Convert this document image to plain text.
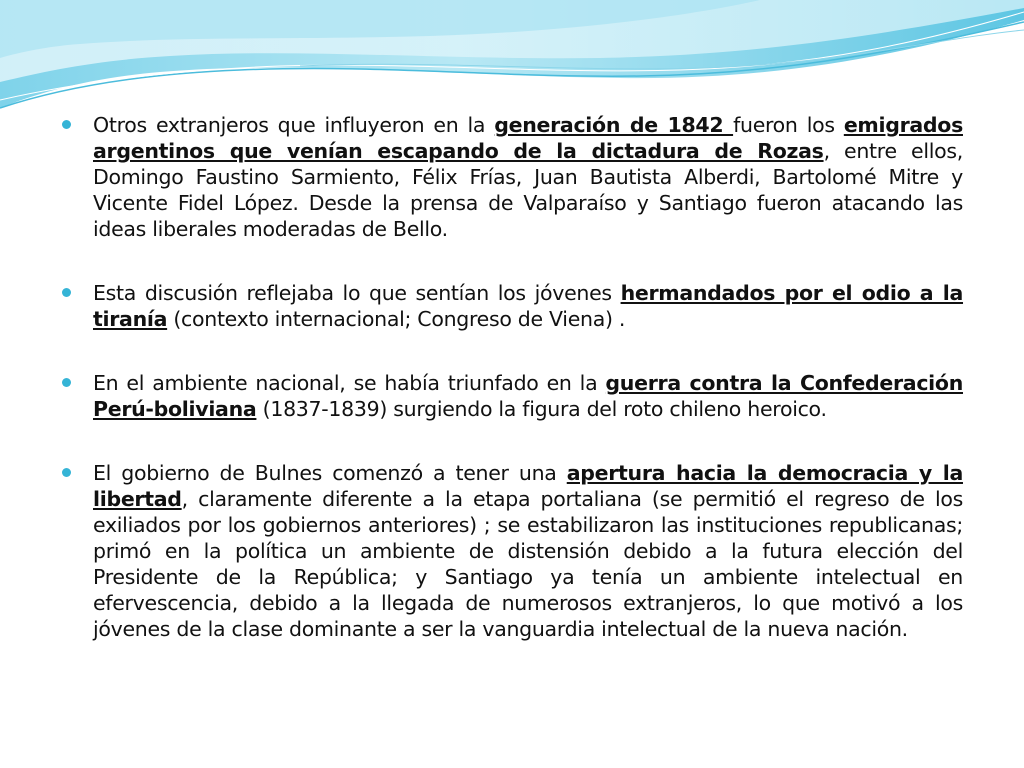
Otros extranjeros que influyeron en la generación de 1842 fueron los emigrados argentinos que venían escapando de la dictadura de Rozas, entre ellos, Domingo Faustino Sarmiento, Félix Frías, Juan Bautista Alberdi, Bartolomé Mitre y Vicente Fidel López. Desde la prensa de Valparaíso y Santiago fueron atacando las ideas liberales moderadas de Bello.
Esta discusión reflejaba lo que sentían los jóvenes hermandados por el odio a la tiranía (contexto internacional; Congreso de Viena) .
En el ambiente nacional, se había triunfado en la guerra contra la Confederación Perú-boliviana (1837-1839) surgiendo la figura del roto chileno heroico.
El gobierno de Bulnes comenzó a tener una apertura hacia la democracia y la libertad, claramente diferente a la etapa portaliana (se permitió el regreso de los exiliados por los gobiernos anteriores) ; se estabilizaron las instituciones republicanas; primó en la política un ambiente de distensión debido a la futura elección del Presidente de la República; y Santiago ya tenía un ambiente intelectual en efervescencia, debido a la llegada de numerosos extranjeros, lo que motivó a los jóvenes de la clase dominante a ser la vanguardia intelectual de la nueva nación.
